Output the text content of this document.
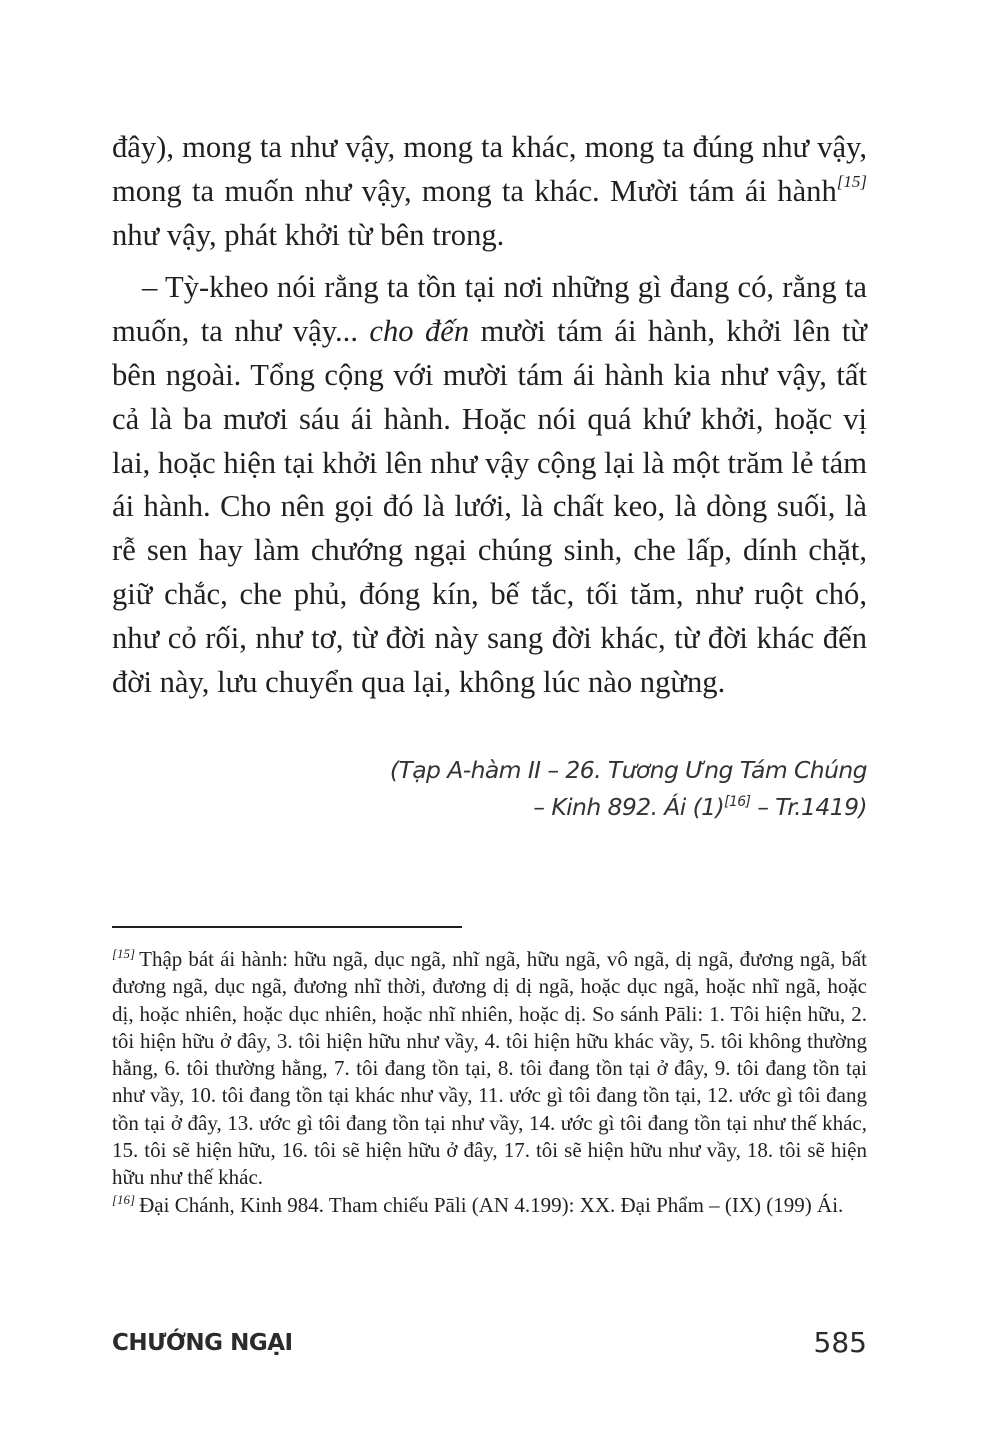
đây), mong ta như vậy, mong ta khác, mong ta đúng như vậy, mong ta muốn như vậy, mong ta khác. Mười tám ái hành[15] như vậy, phát khởi từ bên trong.

– Tỳ-kheo nói rằng ta tồn tại nơi những gì đang có, rằng ta muốn, ta như vậy... cho đến mười tám ái hành, khởi lên từ bên ngoài. Tổng cộng với mười tám ái hành kia như vậy, tất cả là ba mươi sáu ái hành. Hoặc nói quá khứ khởi, hoặc vị lai, hoặc hiện tại khởi lên như vậy cộng lại là một trăm lẻ tám ái hành. Cho nên gọi đó là lưới, là chất keo, là dòng suối, là rễ sen hay làm chướng ngại chúng sinh, che lấp, dính chặt, giữ chắc, che phủ, đóng kín, bế tắc, tối tăm, như ruột chó, như cỏ rối, như tơ, từ đời này sang đời khác, từ đời khác đến đời này, lưu chuyển qua lại, không lúc nào ngừng.

(Tạp A-hàm II – 26. Tương Ưng Tám Chúng
– Kinh 892. Ái (1)[16] – Tr.1419)

[15] Thập bát ái hành: hữu ngã, dục ngã, nhĩ ngã, hữu ngã, vô ngã, dị ngã, đương ngã, bất đương ngã, dục ngã, đương nhĩ thời, đương dị dị ngã, hoặc dục ngã, hoặc nhĩ ngã, hoặc dị, hoặc nhiên, hoặc dục nhiên, hoặc nhĩ nhiên, hoặc dị. So sánh Pāli: 1. Tôi hiện hữu, 2. tôi hiện hữu ở đây, 3. tôi hiện hữu như vầy, 4. tôi hiện hữu khác vầy, 5. tôi không thường hằng, 6. tôi thường hằng, 7. tôi đang tồn tại, 8. tôi đang tồn tại ở đây, 9. tôi đang tồn tại như vầy, 10. tôi đang tồn tại khác như vầy, 11. ước gì tôi đang tồn tại, 12. ước gì tôi đang tồn tại ở đây, 13. ước gì tôi đang tồn tại như vầy, 14. ước gì tôi đang tồn tại như thế khác, 15. tôi sẽ hiện hữu, 16. tôi sẽ hiện hữu ở đây, 17. tôi sẽ hiện hữu như vầy, 18. tôi sẽ hiện hữu như thế khác.

[16] Đại Chánh, Kinh 984. Tham chiếu Pāli (AN 4.199): XX. Đại Phẩm – (IX) (199) Ái.

CHƯỚNG NGẠI	585
